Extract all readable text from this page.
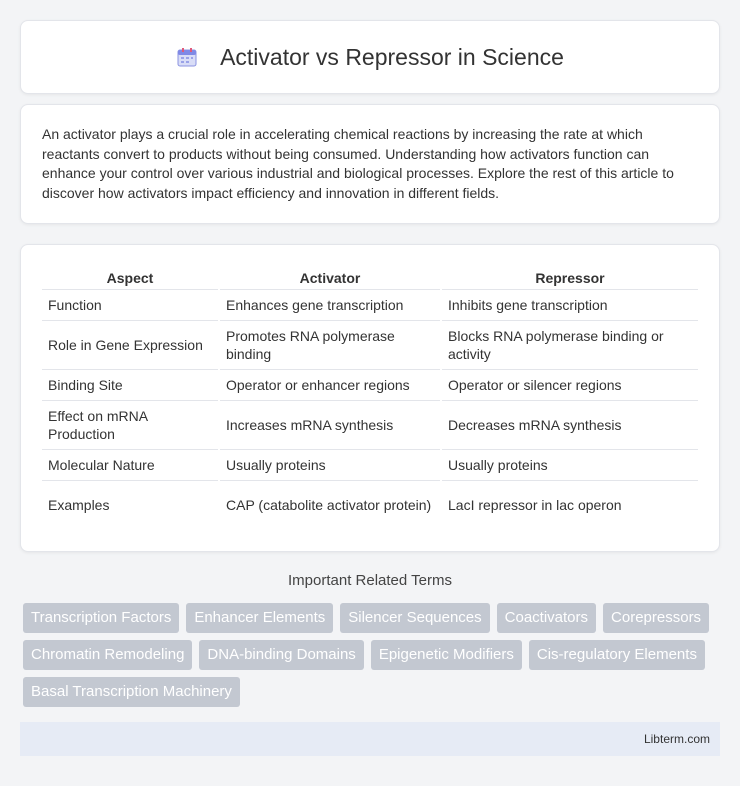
Activator vs Repressor in Science

An activator plays a crucial role in accelerating chemical reactions by increasing the rate at which reactants convert to products without being consumed. Understanding how activators function can enhance your control over various industrial and biological processes. Explore the rest of this article to discover how activators impact efficiency and innovation in different fields.

Aspect	Activator	Repressor
Function	Enhances gene transcription	Inhibits gene transcription
Role in Gene Expression	Promotes RNA polymerase binding	Blocks RNA polymerase binding or activity
Binding Site	Operator or enhancer regions	Operator or silencer regions
Effect on mRNA Production	Increases mRNA synthesis	Decreases mRNA synthesis
Molecular Nature	Usually proteins	Usually proteins
Examples	CAP (catabolite activator protein)	LacI repressor in lac operon
Important Related Terms
Transcription Factors	Enhancer Elements	Silencer Sequences	Coactivators	Corepressors
Chromatin Remodeling	DNA-binding Domains	Epigenetic Modifiers	Cis-regulatory Elements
Basal Transcription Machinery
Libterm.com
